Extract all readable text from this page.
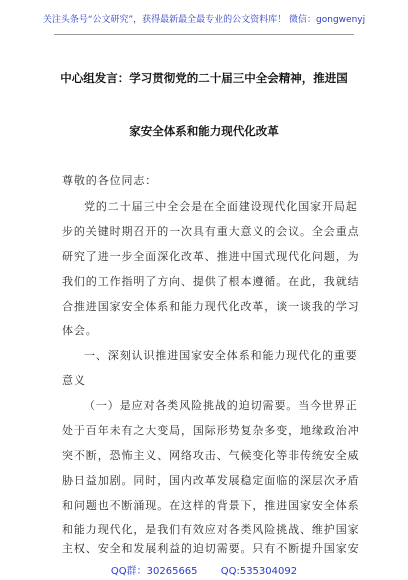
关注头条号“公文研究”，获得最新最全最专业的公文资料库！ 微信：gongwenyj
中心组发言：学习贯彻党的二十届三中全会精神，推进国
家安全体系和能力现代化改革
尊敬的各位同志：
党的二十届三中全会是在全面建设现代化国家开局起
步的关键时期召开的一次具有重大意义的会议。全会重点
研究了进一步全面深化改革、推进中国式现代化问题，为
我们的工作指明了方向、提供了根本遵循。在此，我就结
合推进国家安全体系和能力现代化改革，谈一谈我的学习
体会。
一、深刻认识推进国家安全体系和能力现代化的重要
意义
（一）是应对各类风险挑战的迫切需要。当今世界正
处于百年未有之大变局，国际形势复杂多变，地缘政治冲
突不断，恐怖主义、网络攻击、气候变化等非传统安全威
胁日益加剧。同时，国内改革发展稳定面临的深层次矛盾
和问题也不断涌现。在这样的背景下，推进国家安全体系
和能力现代化，是我们有效应对各类风险挑战、维护国家
主权、安全和发展利益的迫切需要。只有不断提升国家安
QQ群：30265665 QQ:535304092
